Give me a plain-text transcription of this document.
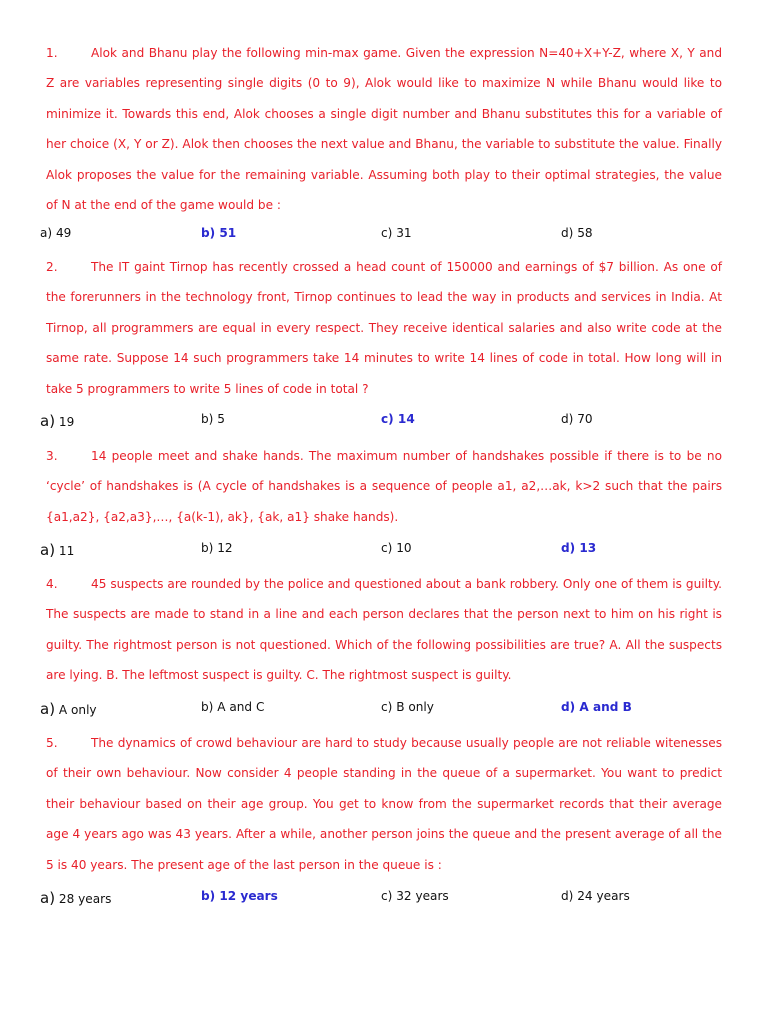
1.	Alok and Bhanu play the following min-max game. Given the expression N=40+X+Y-Z, where X, Y and Z are variables representing single digits (0 to 9), Alok would like to maximize N while Bhanu would like to minimize it. Towards this end, Alok chooses a single digit number and Bhanu substitutes this for a variable of her choice (X, Y or Z). Alok then chooses the next value and Bhanu, the variable to substitute the value. Finally Alok proposes the value for the remaining variable. Assuming both play to their optimal strategies, the value of N at the end of the game would be :

a) 49	b) 51	c) 31	d) 58

2.	The IT gaint Tirnop has recently crossed a head count of 150000 and earnings of $7 billion. As one of the forerunners in the technology front, Tirnop continues to lead the way in products and services in India. At Tirnop, all programmers are equal in every respect. They receive identical salaries and also write code at the same rate. Suppose 14 such programmers take 14 minutes to write 14 lines of code in total. How long will in take 5 programmers to write 5 lines of code in total ?

a) 19	b) 5	c) 14	d) 70

3.	14 people meet and shake hands. The maximum number of handshakes possible if there is to be no ‘cycle’ of handshakes is (A cycle of handshakes is a sequence of people a1, a2,…ak, k>2 such that the pairs {a1,a2}, {a2,a3},…, {a(k-1), ak}, {ak, a1} shake hands).

a) 11	b) 12	c) 10	d) 13

4.	45 suspects are rounded by the police and questioned about a bank robbery. Only one of them is guilty. The suspects are made to stand in a line and each person declares that the person next to him on his right is guilty. The rightmost person is not questioned. Which of the following possibilities are true? A. All the suspects are lying. B. The leftmost suspect is guilty. C. The rightmost suspect is guilty.

a) A only	b) A and C	c) B only	d) A and B

5.	The dynamics of crowd behaviour are hard to study because usually people are not reliable witenesses of their own behaviour. Now consider 4 people standing in the queue of a supermarket. You want to predict their behaviour based on their age group. You get to know from the supermarket records that their average age 4 years ago was 43 years. After a while, another person joins the queue and the present average of all the 5 is 40 years. The present age of the last person in the queue is :

a) 28 years	b) 12 years	c) 32 years	d) 24 years
